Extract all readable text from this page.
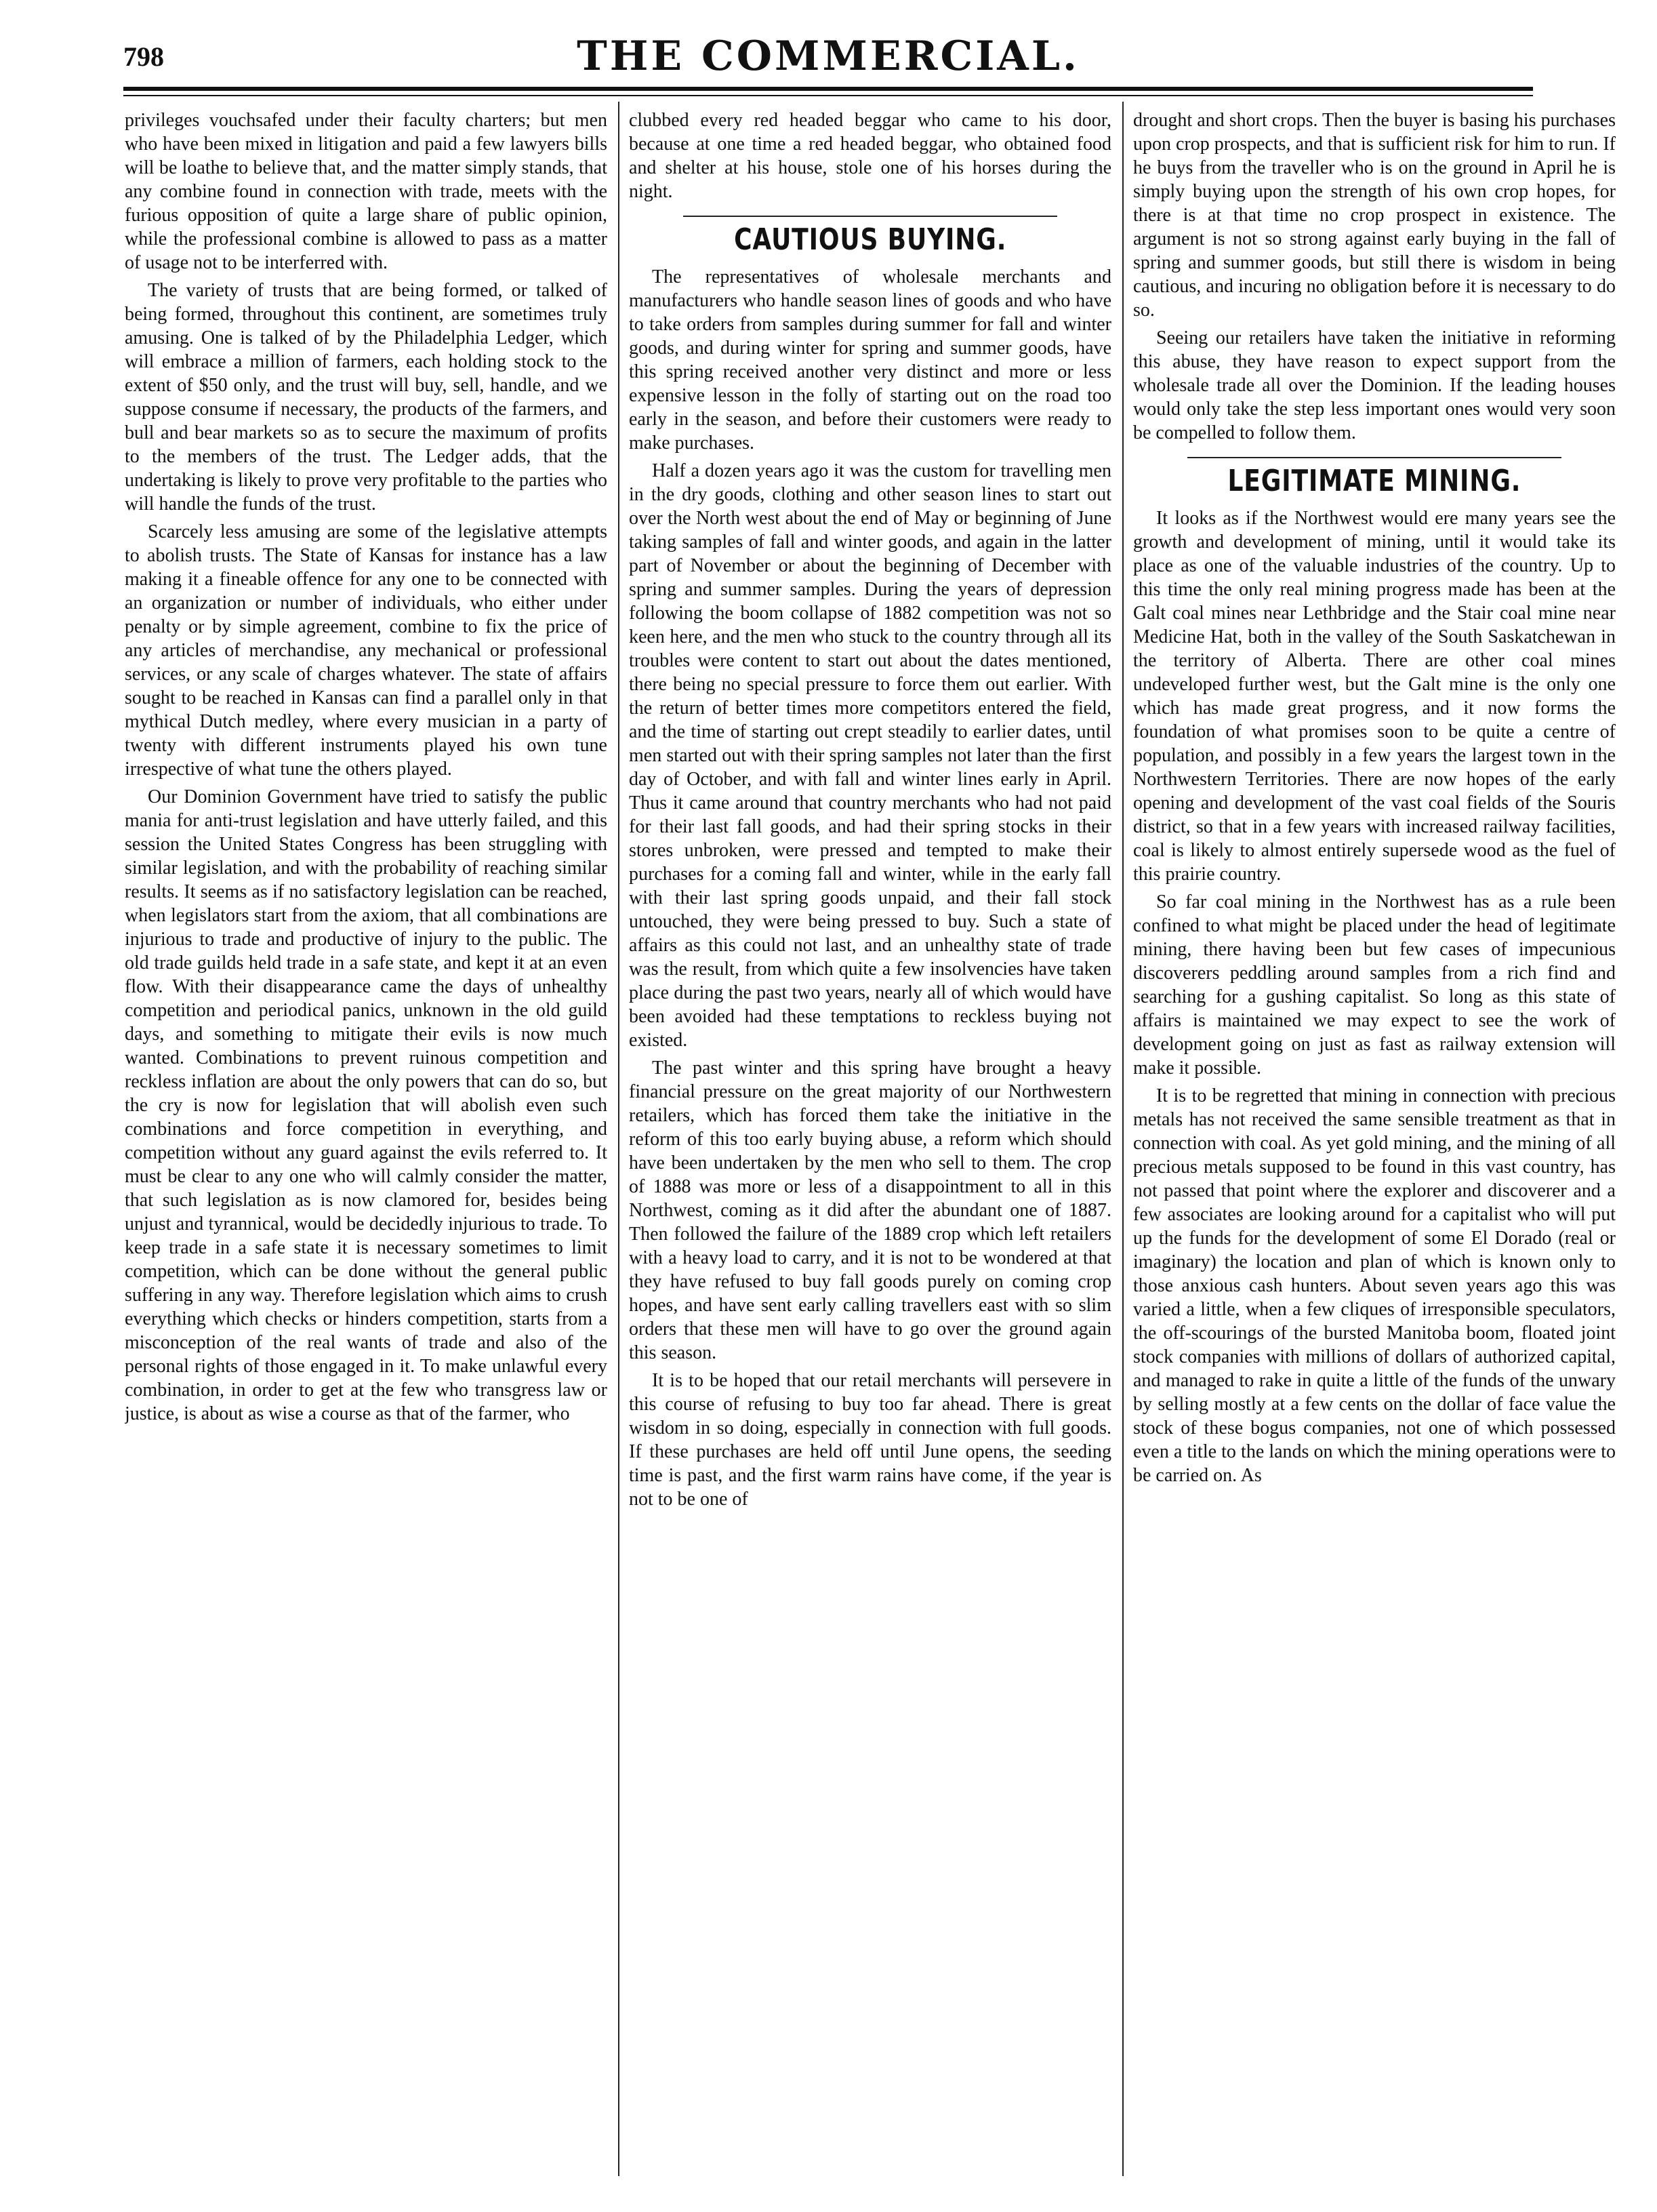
798	THE COMMERCIAL.

privileges vouchsafed under their faculty charters; but men who have been mixed in litigation and paid a few lawyers bills will be loathe to believe that, and the matter simply stands, that any combine found in connection with trade, meets with the furious opposition of quite a large share of public opinion, while the professional combine is allowed to pass as a matter of usage not to be interferred with.

The variety of trusts that are being formed, or talked of being formed, throughout this continent, are sometimes truly amusing. One is talked of by the Philadelphia Ledger, which will embrace a million of farmers, each holding stock to the extent of $50 only, and the trust will buy, sell, handle, and we suppose consume if necessary, the products of the farmers, and bull and bear markets so as to secure the maximum of profits to the members of the trust. The Ledger adds, that the undertaking is likely to prove very profitable to the parties who will handle the funds of the trust.

Scarcely less amusing are some of the legislative attempts to abolish trusts. The State of Kansas for instance has a law making it a fineable offence for any one to be connected with an organization or number of individuals, who either under penalty or by simple agreement, combine to fix the price of any articles of merchandise, any mechanical or professional services, or any scale of charges whatever. The state of affairs sought to be reached in Kansas can find a parallel only in that mythical Dutch medley, where every musician in a party of twenty with different instruments played his own tune irrespective of what tune the others played.

Our Dominion Government have tried to satisfy the public mania for anti-trust legislation and have utterly failed, and this session the United States Congress has been struggling with similar legislation, and with the probability of reaching similar results. It seems as if no satisfactory legislation can be reached, when legislators start from the axiom, that all combinations are injurious to trade and productive of injury to the public. The old trade guilds held trade in a safe state, and kept it at an even flow. With their disappearance came the days of unhealthy competition and periodical panics, unknown in the old guild days, and something to mitigate their evils is now much wanted. Combinations to prevent ruinous competition and reckless inflation are about the only powers that can do so, but the cry is now for legislation that will abolish even such combinations and force competition in everything, and competition without any guard against the evils referred to. It must be clear to any one who will calmly consider the matter, that such legislation as is now clamored for, besides being unjust and tyrannical, would be decidedly injurious to trade. To keep trade in a safe state it is necessary sometimes to limit competition, which can be done without the general public suffering in any way. Therefore legislation which aims to crush everything which checks or hinders competition, starts from a misconception of the real wants of trade and also of the personal rights of those engaged in it. To make unlawful every combination, in order to get at the few who transgress law or justice, is about as wise a course as that of the farmer, who

clubbed every red headed beggar who came to his door, because at one time a red headed beggar, who obtained food and shelter at his house, stole one of his horses during the night.

CAUTIOUS BUYING.

The representatives of wholesale merchants and manufacturers who handle season lines of goods and who have to take orders from samples during summer for fall and winter goods, and during winter for spring and summer goods, have this spring received another very distinct and more or less expensive lesson in the folly of starting out on the road too early in the season, and before their customers were ready to make purchases.

Half a dozen years ago it was the custom for travelling men in the dry goods, clothing and other season lines to start out over the North west about the end of May or beginning of June taking samples of fall and winter goods, and again in the latter part of November or about the beginning of December with spring and summer samples. During the years of depression following the boom collapse of 1882 competition was not so keen here, and the men who stuck to the country through all its troubles were content to start out about the dates mentioned, there being no special pressure to force them out earlier. With the return of better times more competitors entered the field, and the time of starting out crept steadily to earlier dates, until men started out with their spring samples not later than the first day of October, and with fall and winter lines early in April. Thus it came around that country merchants who had not paid for their last fall goods, and had their spring stocks in their stores unbroken, were pressed and tempted to make their purchases for a coming fall and winter, while in the early fall with their last spring goods unpaid, and their fall stock untouched, they were being pressed to buy. Such a state of affairs as this could not last, and an unhealthy state of trade was the result, from which quite a few insolvencies have taken place during the past two years, nearly all of which would have been avoided had these temptations to reckless buying not existed.

The past winter and this spring have brought a heavy financial pressure on the great majority of our Northwestern retailers, which has forced them take the initiative in the reform of this too early buying abuse, a reform which should have been undertaken by the men who sell to them. The crop of 1888 was more or less of a disappointment to all in this Northwest, coming as it did after the abundant one of 1887. Then followed the failure of the 1889 crop which left retailers with a heavy load to carry, and it is not to be wondered at that they have refused to buy fall goods purely on coming crop hopes, and have sent early calling travellers east with so slim orders that these men will have to go over the ground again this season.

It is to be hoped that our retail merchants will persevere in this course of refusing to buy too far ahead. There is great wisdom in so doing, especially in connection with full goods. If these purchases are held off until June opens, the seeding time is past, and the first warm rains have come, if the year is not to be one of

drought and short crops. Then the buyer is basing his purchases upon crop prospects, and that is sufficient risk for him to run. If he buys from the traveller who is on the ground in April he is simply buying upon the strength of his own crop hopes, for there is at that time no crop prospect in existence. The argument is not so strong against early buying in the fall of spring and summer goods, but still there is wisdom in being cautious, and incuring no obligation before it is necessary to do so.

Seeing our retailers have taken the initiative in reforming this abuse, they have reason to expect support from the wholesale trade all over the Dominion. If the leading houses would only take the step less important ones would very soon be compelled to follow them.

LEGITIMATE MINING.

It looks as if the Northwest would ere many years see the growth and development of mining, until it would take its place as one of the valuable industries of the country. Up to this time the only real mining progress made has been at the Galt coal mines near Lethbridge and the Stair coal mine near Medicine Hat, both in the valley of the South Saskatchewan in the territory of Alberta. There are other coal mines undeveloped further west, but the Galt mine is the only one which has made great progress, and it now forms the foundation of what promises soon to be quite a centre of population, and possibly in a few years the largest town in the Northwestern Territories. There are now hopes of the early opening and development of the vast coal fields of the Souris district, so that in a few years with increased railway facilities, coal is likely to almost entirely supersede wood as the fuel of this prairie country.

So far coal mining in the Northwest has as a rule been confined to what might be placed under the head of legitimate mining, there having been but few cases of impecunious discoverers peddling around samples from a rich find and searching for a gushing capitalist. So long as this state of affairs is maintained we may expect to see the work of development going on just as fast as railway extension will make it possible.

It is to be regretted that mining in connection with precious metals has not received the same sensible treatment as that in connection with coal. As yet gold mining, and the mining of all precious metals supposed to be found in this vast country, has not passed that point where the explorer and discoverer and a few associates are looking around for a capitalist who will put up the funds for the development of some El Dorado (real or imaginary) the location and plan of which is known only to those anxious cash hunters. About seven years ago this was varied a little, when a few cliques of irresponsible speculators, the off-scourings of the bursted Manitoba boom, floated joint stock companies with millions of dollars of authorized capital, and managed to rake in quite a little of the funds of the unwary by selling mostly at a few cents on the dollar of face value the stock of these bogus companies, not one of which possessed even a title to the lands on which the mining operations were to be carried on. As
